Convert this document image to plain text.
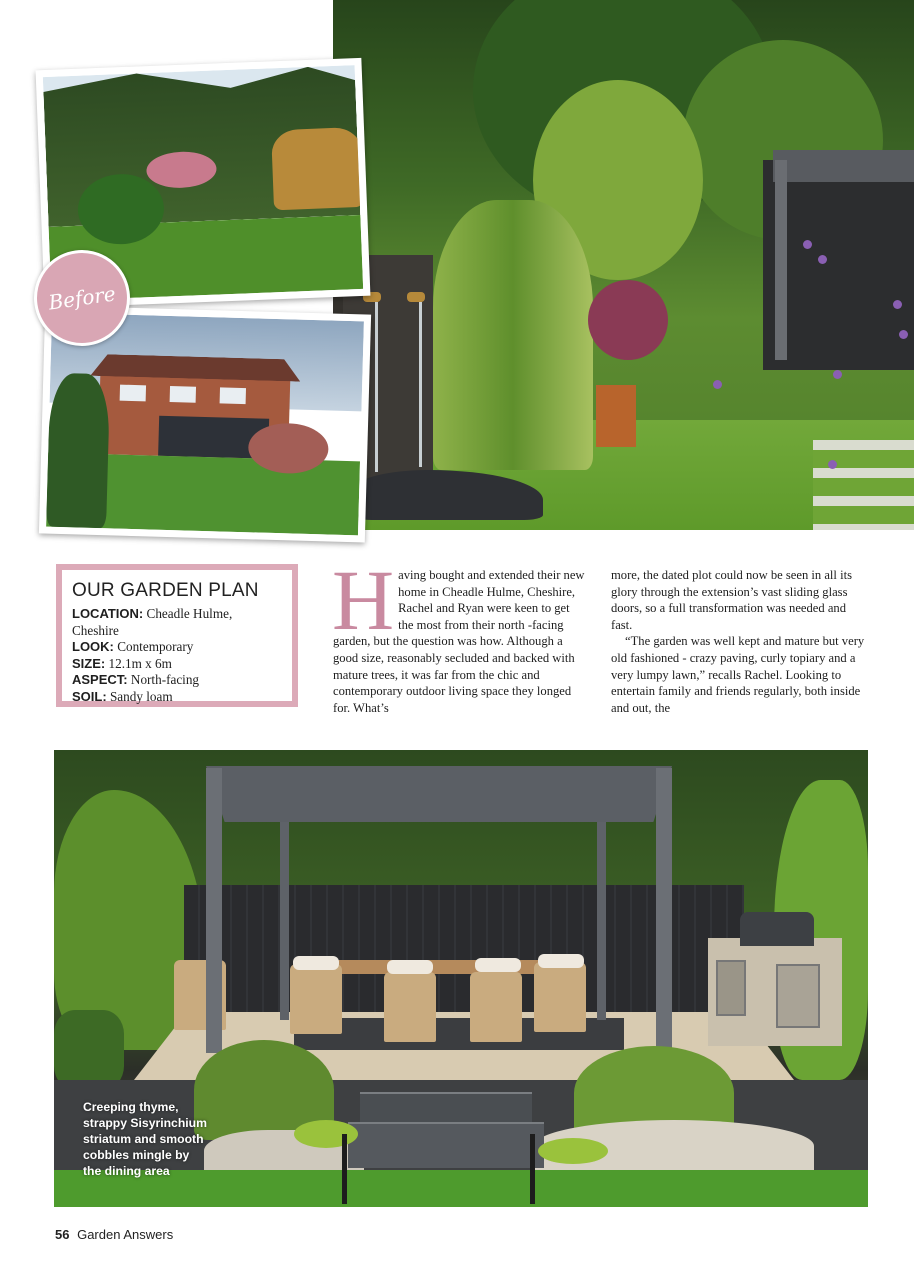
Before
OUR GARDEN PLAN
LOCATION: Cheadle Hulme, Cheshire
LOOK: Contemporary
SIZE: 12.1m x 6m
ASPECT: North-facing
SOIL: Sandy loam
H aving bought and extended their new home in Cheadle Hulme, Cheshire, Rachel and Ryan were keen to get the most from their north -facing garden, but the question was how. Although a good size, reasonably secluded and backed with mature trees, it was far from the chic and contemporary outdoor living space they longed for. What’s

more, the dated plot could now be seen in all its glory through the extension’s vast sliding glass doors, so a full transformation was needed and fast.

“The garden was well kept and mature but very old fashioned - crazy paving, curly topiary and a very lumpy lawn,” recalls Rachel. Looking to entertain family and friends regularly, both inside and out, the

Creeping thyme,
strappy Sisyrinchium
striatum and smooth
cobbles mingle by
the dining area
56 Garden Answers
